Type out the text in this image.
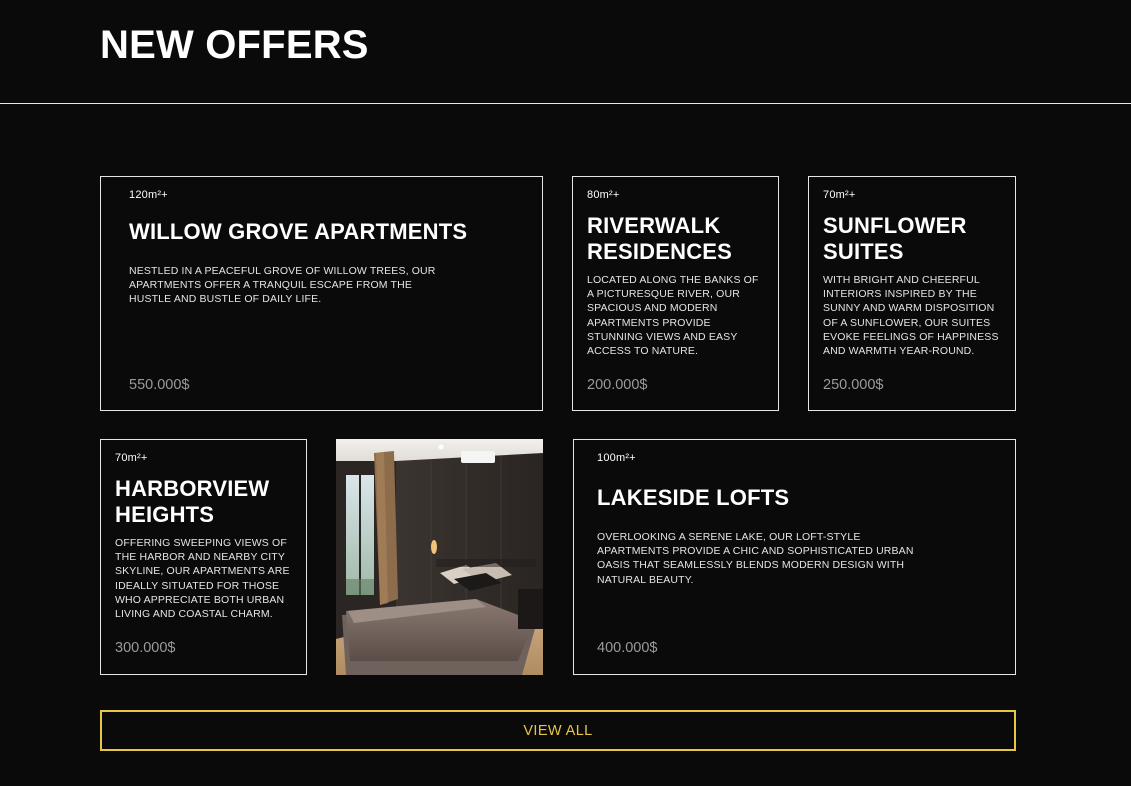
NEW OFFERS
120m²+
WILLOW GROVE APARTMENTS

NESTLED IN A PEACEFUL GROVE OF WILLOW TREES, OUR APARTMENTS OFFER A TRANQUIL ESCAPE FROM THE HUSTLE AND BUSTLE OF DAILY LIFE.

550.000$
80m²+
RIVERWALK RESIDENCES

LOCATED ALONG THE BANKS OF A PICTURESQUE RIVER, OUR SPACIOUS AND MODERN APARTMENTS PROVIDE STUNNING VIEWS AND EASY ACCESS TO NATURE.

200.000$
70m²+
SUNFLOWER SUITES

WITH BRIGHT AND CHEERFUL INTERIORS INSPIRED BY THE SUNNY AND WARM DISPOSITION OF A SUNFLOWER, OUR SUITES EVOKE FEELINGS OF HAPPINESS AND WARMTH YEAR-ROUND.

250.000$
70m²+
HARBORVIEW HEIGHTS

OFFERING SWEEPING VIEWS OF THE HARBOR AND NEARBY CITY SKYLINE, OUR APARTMENTS ARE IDEALLY SITUATED FOR THOSE WHO APPRECIATE BOTH URBAN LIVING AND COASTAL CHARM.

300.000$
100m²+
LAKESIDE LOFTS

OVERLOOKING A SERENE LAKE, OUR LOFT-STYLE APARTMENTS PROVIDE A CHIC AND SOPHISTICATED URBAN OASIS THAT SEAMLESSLY BLENDS MODERN DESIGN WITH NATURAL BEAUTY.

400.000$
VIEW ALL
